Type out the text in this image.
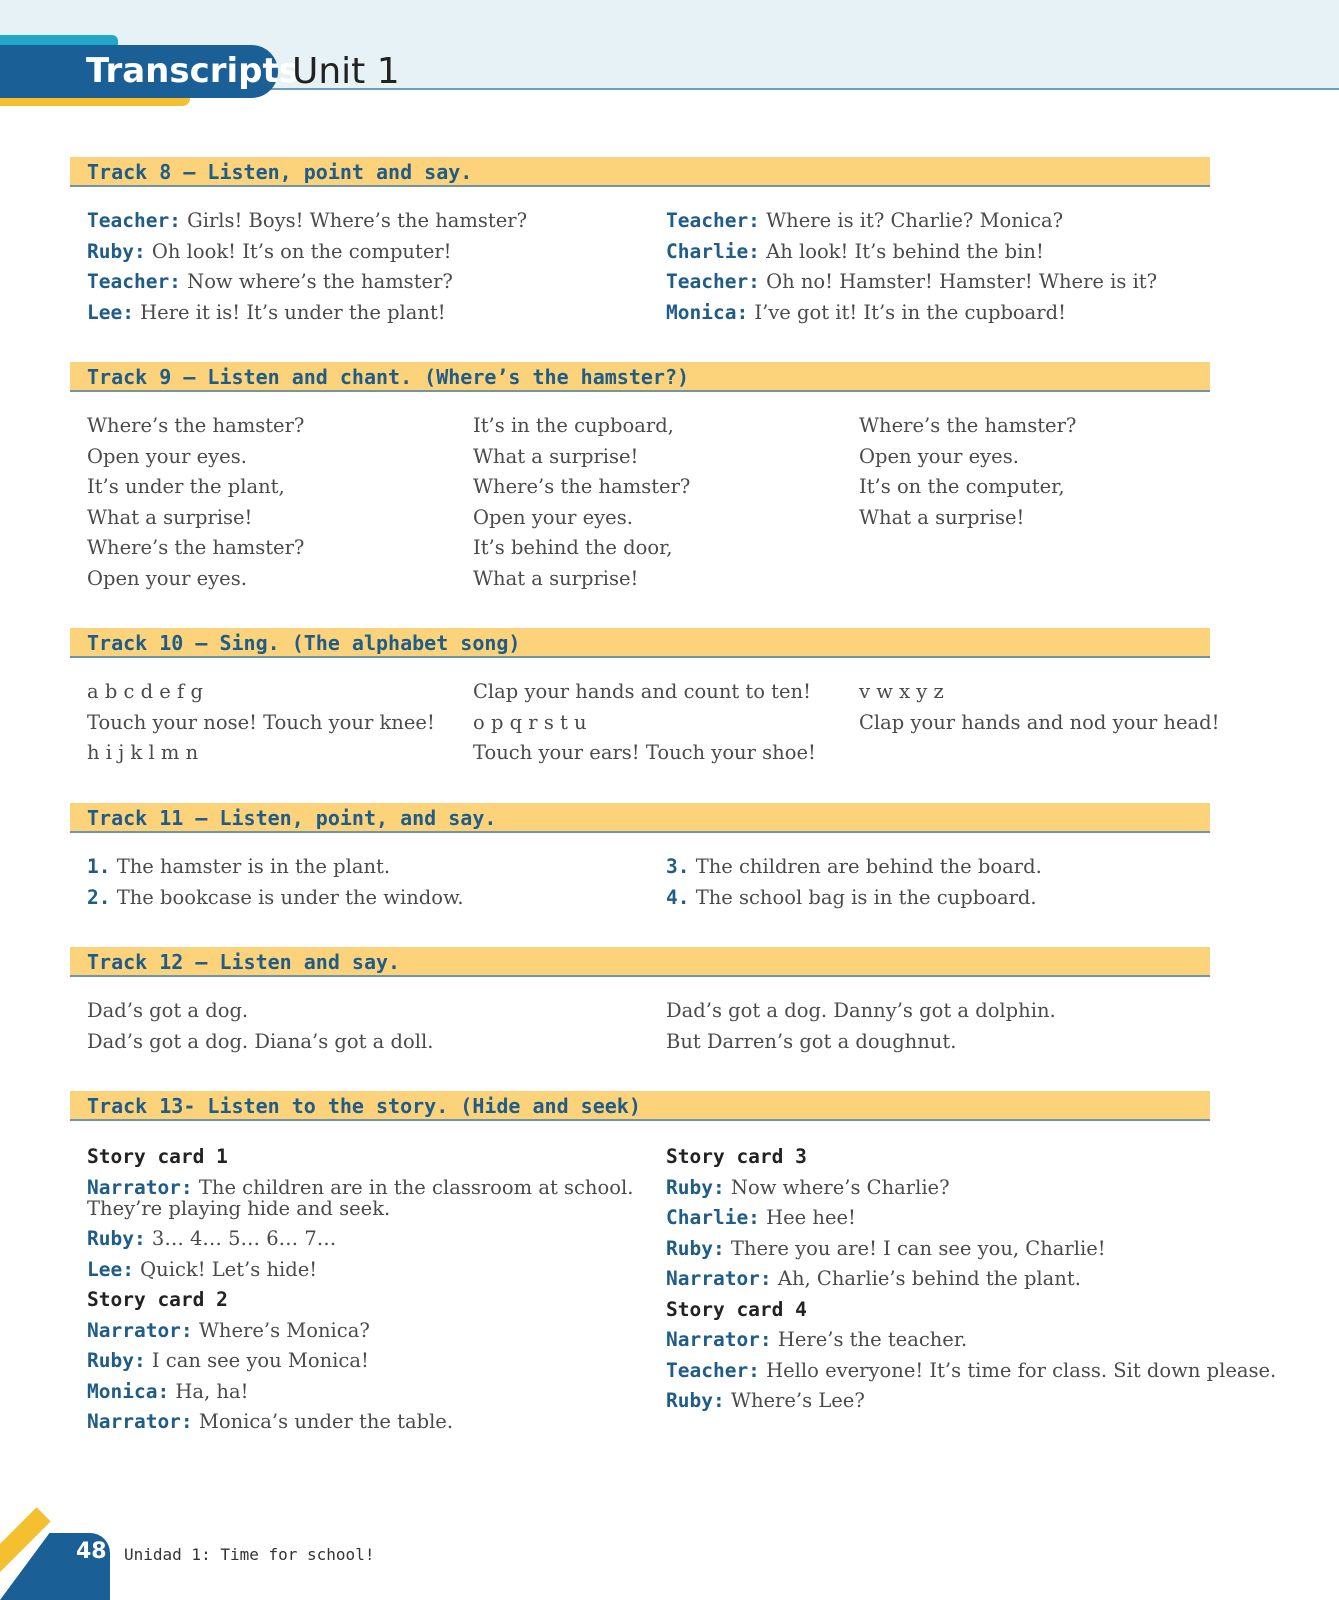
Transcripts
Unit 1
Track 8 – Listen, point and say.
Teacher: Girls! Boys! Where’s the hamster?
Ruby: Oh look! It’s on the computer!
Teacher: Now where’s the hamster?
Lee: Here it is! It’s under the plant!
Teacher: Where is it? Charlie? Monica?
Charlie: Ah look! It’s behind the bin!
Teacher: Oh no! Hamster! Hamster! Where is it?
Monica: I’ve got it! It’s in the cupboard!
Track 9 – Listen and chant. (Where’s the hamster?)
Where’s the hamster?
Open your eyes.
It’s under the plant,
What a surprise!
Where’s the hamster?
Open your eyes.
It’s in the cupboard,
What a surprise!
Where’s the hamster?
Open your eyes.
It’s behind the door,
What a surprise!
Where’s the hamster?
Open your eyes.
It’s on the computer,
What a surprise!
Track 10 – Sing. (The alphabet song)
a b c d e f g
Touch your nose! Touch your knee!
h i j k l m n
Clap your hands and count to ten!
o p q r s t u
Touch your ears! Touch your shoe!
v w x y z
Clap your hands and nod your head!
Track 11 – Listen, point, and say.
1. The hamster is in the plant.
2. The bookcase is under the window.
3. The children are behind the board.
4. The school bag is in the cupboard.
Track 12 – Listen and say.
Dad’s got a dog.
Dad’s got a dog. Diana’s got a doll.
Dad’s got a dog. Danny’s got a dolphin.
But Darren’s got a doughnut.
Track 13- Listen to the story. (Hide and seek)
Story card 1
Narrator: The children are in the classroom at school.
They’re playing hide and seek.
Ruby: 3… 4… 5… 6… 7…
Lee: Quick! Let’s hide!
Story card 2
Narrator: Where’s Monica?
Ruby: I can see you Monica!
Monica: Ha, ha!
Narrator: Monica’s under the table.
Story card 3
Ruby: Now where’s Charlie?
Charlie: Hee hee!
Ruby: There you are! I can see you, Charlie!
Narrator: Ah, Charlie’s behind the plant.
Story card 4
Narrator: Here’s the teacher.
Teacher: Hello everyone! It’s time for class. Sit down please.
Ruby: Where’s Lee?
48 Unidad 1: Time for school!
